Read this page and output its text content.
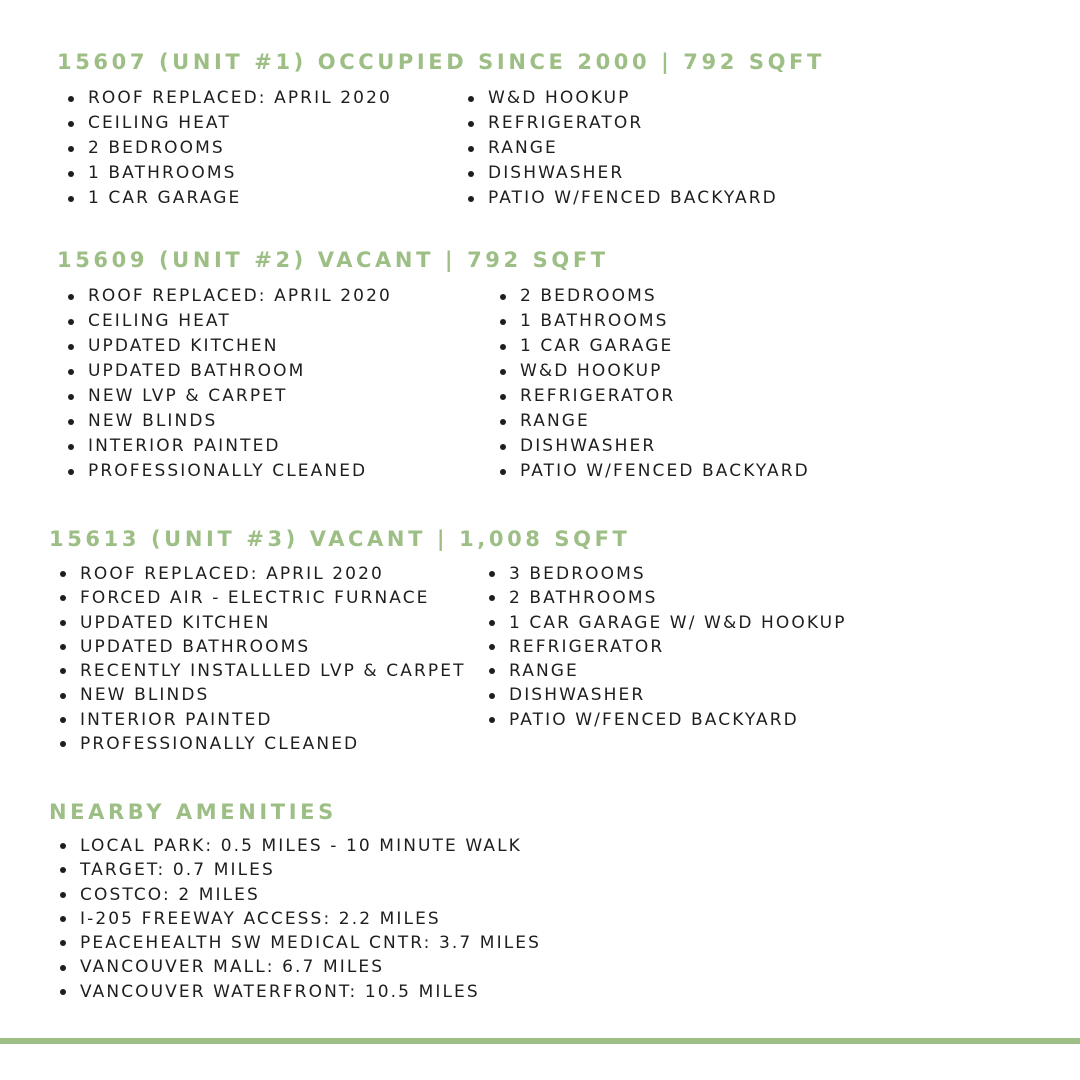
15607 (UNIT #1) OCCUPIED SINCE 2000 | 792 SQFT
ROOF REPLACED: APRIL 2020
CEILING HEAT
2 BEDROOMS
1 BATHROOMS
1 CAR GARAGE
W&D HOOKUP
REFRIGERATOR
RANGE
DISHWASHER
PATIO W/FENCED BACKYARD
15609 (UNIT #2) VACANT | 792 SQFT
ROOF REPLACED: APRIL 2020
CEILING HEAT
UPDATED KITCHEN
UPDATED BATHROOM
NEW LVP & CARPET
NEW BLINDS
INTERIOR PAINTED
PROFESSIONALLY CLEANED
2 BEDROOMS
1 BATHROOMS
1 CAR GARAGE
W&D HOOKUP
REFRIGERATOR
RANGE
DISHWASHER
PATIO W/FENCED BACKYARD
15613 (UNIT #3) VACANT | 1,008 SQFT
ROOF REPLACED: APRIL 2020
FORCED AIR - ELECTRIC FURNACE
UPDATED KITCHEN
UPDATED BATHROOMS
RECENTLY INSTALLLED LVP & CARPET
NEW BLINDS
INTERIOR PAINTED
PROFESSIONALLY CLEANED
3 BEDROOMS
2 BATHROOMS
1 CAR GARAGE W/ W&D HOOKUP
REFRIGERATOR
RANGE
DISHWASHER
PATIO W/FENCED BACKYARD
NEARBY AMENITIES
LOCAL PARK: 0.5 MILES - 10 MINUTE WALK
TARGET: 0.7 MILES
COSTCO: 2 MILES
I-205 FREEWAY ACCESS: 2.2 MILES
PEACEHEALTH SW MEDICAL CNTR: 3.7 MILES
VANCOUVER MALL: 6.7 MILES
VANCOUVER WATERFRONT: 10.5 MILES
